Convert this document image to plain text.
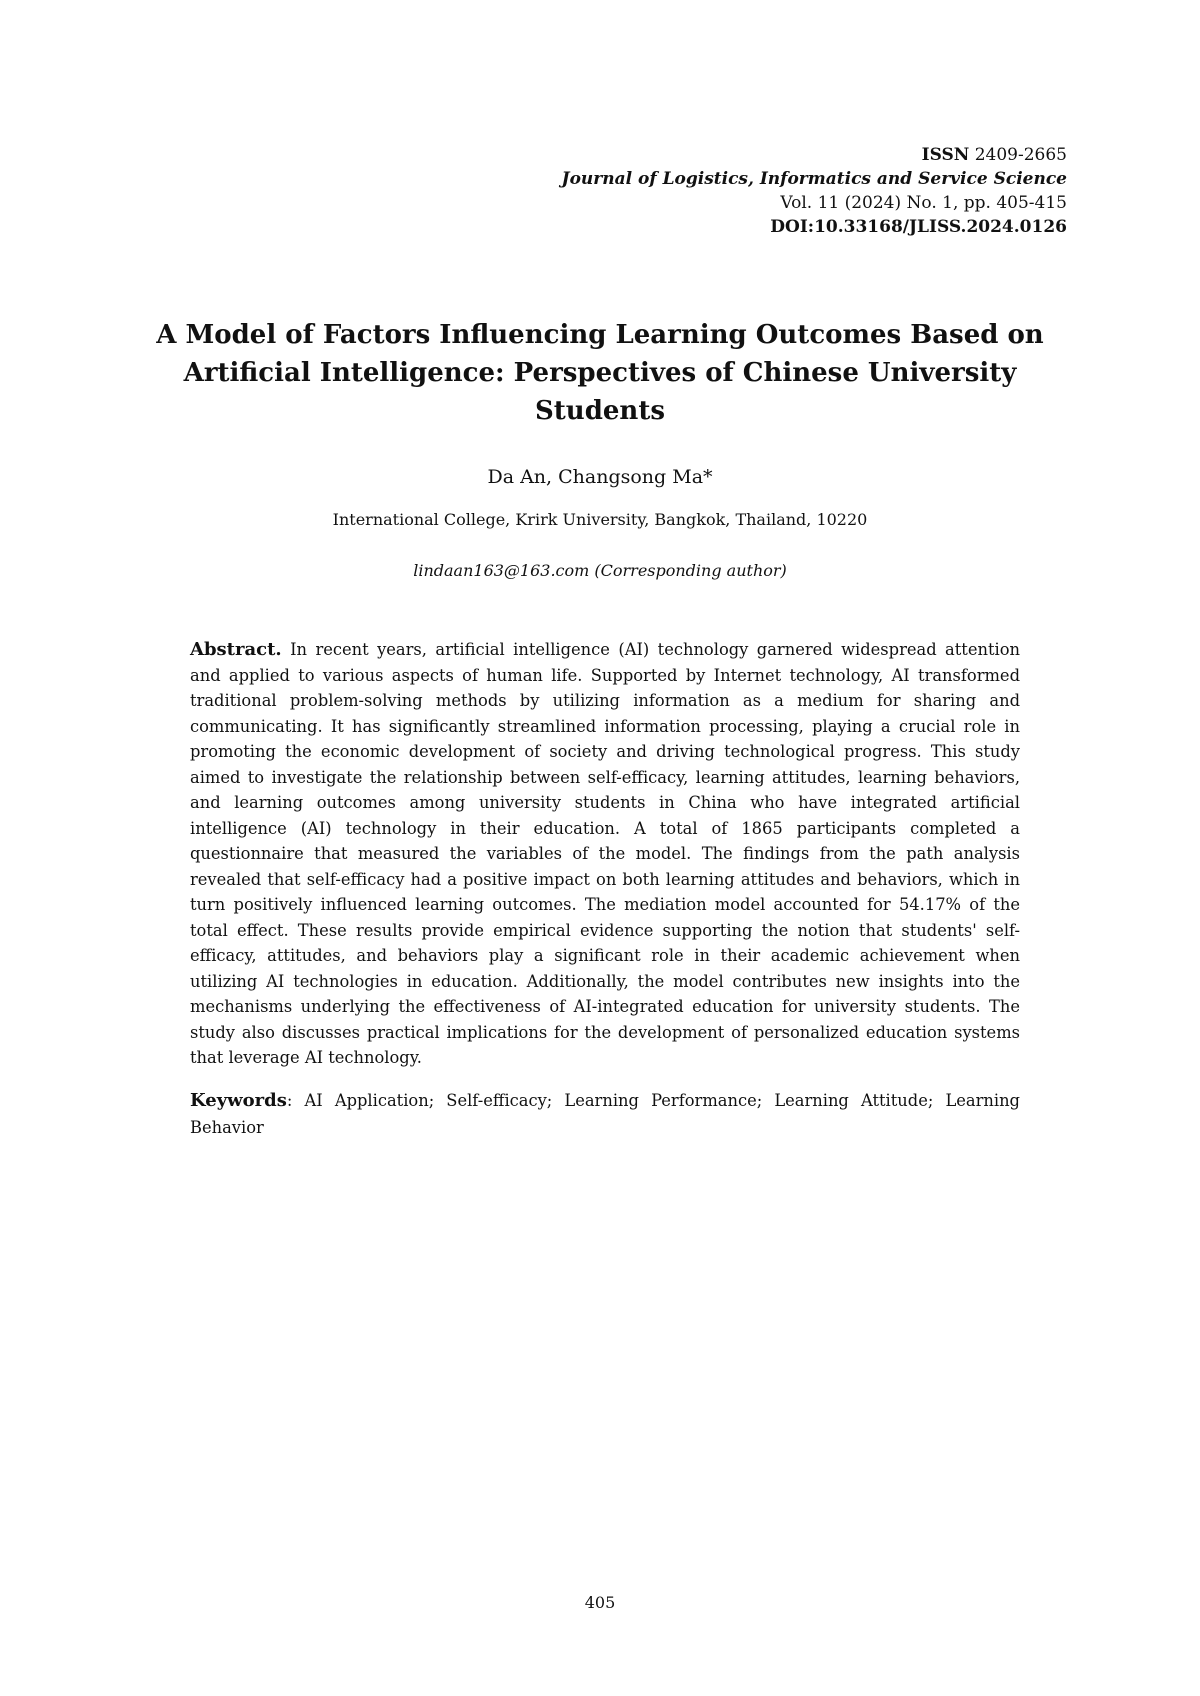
ISSN 2409-2665
Journal of Logistics, Informatics and Service Science
Vol. 11 (2024) No. 1, pp. 405-415
DOI:10.33168/JLISS.2024.0126
A Model of Factors Influencing Learning Outcomes Based on Artificial Intelligence: Perspectives of Chinese University Students
Da An, Changsong Ma*
International College, Krirk University, Bangkok, Thailand, 10220
lindaan163@163.com (Corresponding author)

Abstract. In recent years, artificial intelligence (AI) technology garnered widespread attention and applied to various aspects of human life. Supported by Internet technology, AI transformed traditional problem-solving methods by utilizing information as a medium for sharing and communicating. It has significantly streamlined information processing, playing a crucial role in promoting the economic development of society and driving technological progress. This study aimed to investigate the relationship between self-efficacy, learning attitudes, learning behaviors, and learning outcomes among university students in China who have integrated artificial intelligence (AI) technology in their education. A total of 1865 participants completed a questionnaire that measured the variables of the model. The findings from the path analysis revealed that self-efficacy had a positive impact on both learning attitudes and behaviors, which in turn positively influenced learning outcomes. The mediation model accounted for 54.17% of the total effect. These results provide empirical evidence supporting the notion that students' self-efficacy, attitudes, and behaviors play a significant role in their academic achievement when utilizing AI technologies in education. Additionally, the model contributes new insights into the mechanisms underlying the effectiveness of AI-integrated education for university students. The study also discusses practical implications for the development of personalized education systems that leverage AI technology.

Keywords: AI Application; Self-efficacy; Learning Performance; Learning Attitude; Learning Behavior

405
